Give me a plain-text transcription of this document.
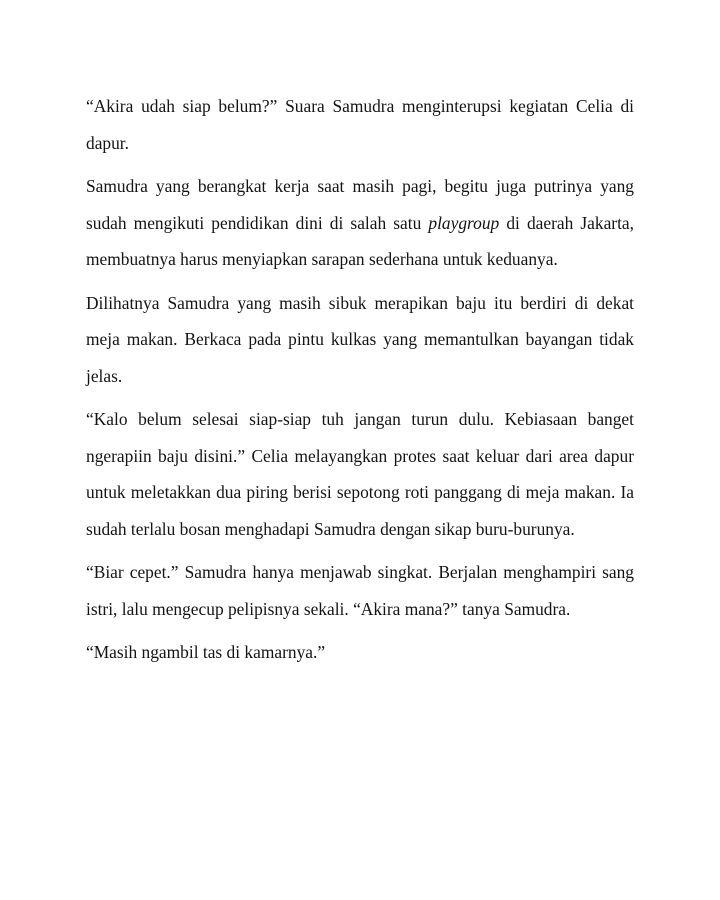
“Akira udah siap belum?” Suara Samudra menginterupsi kegiatan Celia di dapur.

Samudra yang berangkat kerja saat masih pagi, begitu juga putrinya yang sudah mengikuti pendidikan dini di salah satu playgroup di daerah Jakarta, membuatnya harus menyiapkan sarapan sederhana untuk keduanya.

Dilihatnya Samudra yang masih sibuk merapikan baju itu berdiri di dekat meja makan. Berkaca pada pintu kulkas yang memantulkan bayangan tidak jelas.

“Kalo belum selesai siap-siap tuh jangan turun dulu. Kebiasaan banget ngerapiin baju disini.” Celia melayangkan protes saat keluar dari area dapur untuk meletakkan dua piring berisi sepotong roti panggang di meja makan. Ia sudah terlalu bosan menghadapi Samudra dengan sikap buru-burunya.

“Biar cepet.” Samudra hanya menjawab singkat. Berjalan menghampiri sang istri, lalu mengecup pelipisnya sekali. “Akira mana?” tanya Samudra.

“Masih ngambil tas di kamarnya.”
